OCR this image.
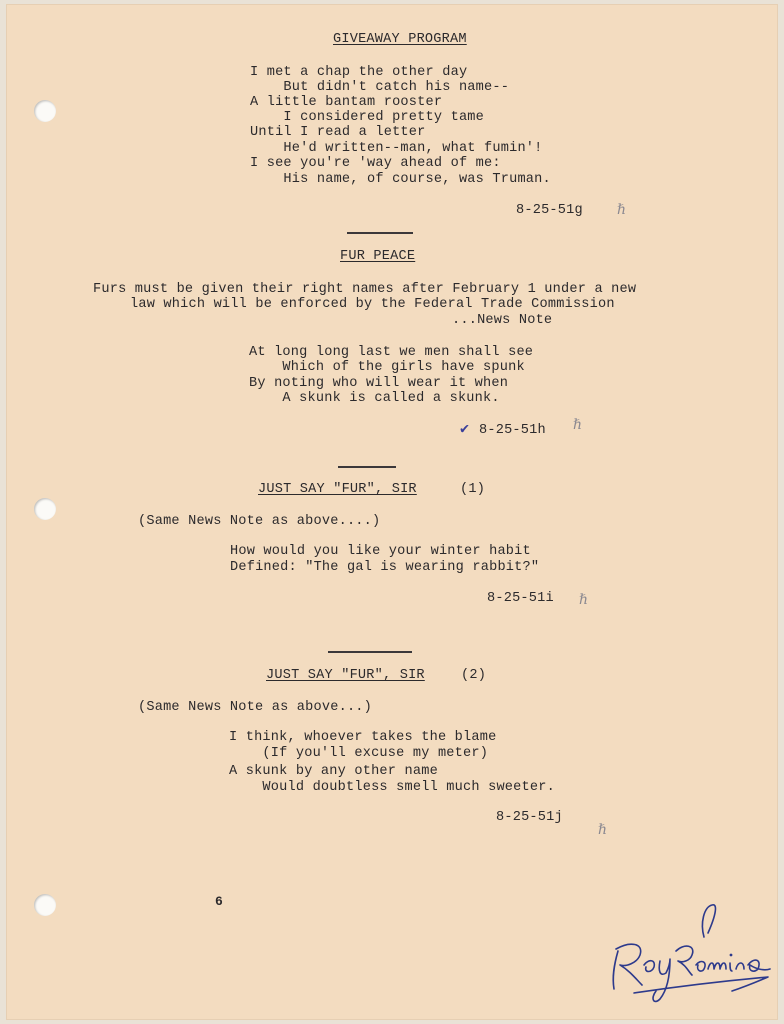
GIVEAWAY PROGRAM
I met a chap the other day
But didn't catch his name--
A little bantam rooster
I considered pretty tame
Until I read a letter
He'd written--man, what fumin'!
I see you're 'way ahead of me:
His name, of course, was Truman.
8-25-51g ℏ
FUR PEACE
Furs must be given their right names after February 1 under a new
law which will be enforced by the Federal Trade Commission
...News Note
At long long last we men shall see
Which of the girls have spunk
By noting who will wear it when
A skunk is called a skunk.
✔ 8-25-51h ℏ
JUST SAY "FUR", SIR	(1)
(Same News Note as above....)
How would you like your winter habit
Defined: "The gal is wearing rabbit?"
8-25-51i ℏ
JUST SAY "FUR", SIR	(2)
(Same News Note as above...)
I think, whoever takes the blame
(If you'll excuse my meter)
A skunk by any other name
Would doubtless smell much sweeter.
8-25-51j
ℏ
6
